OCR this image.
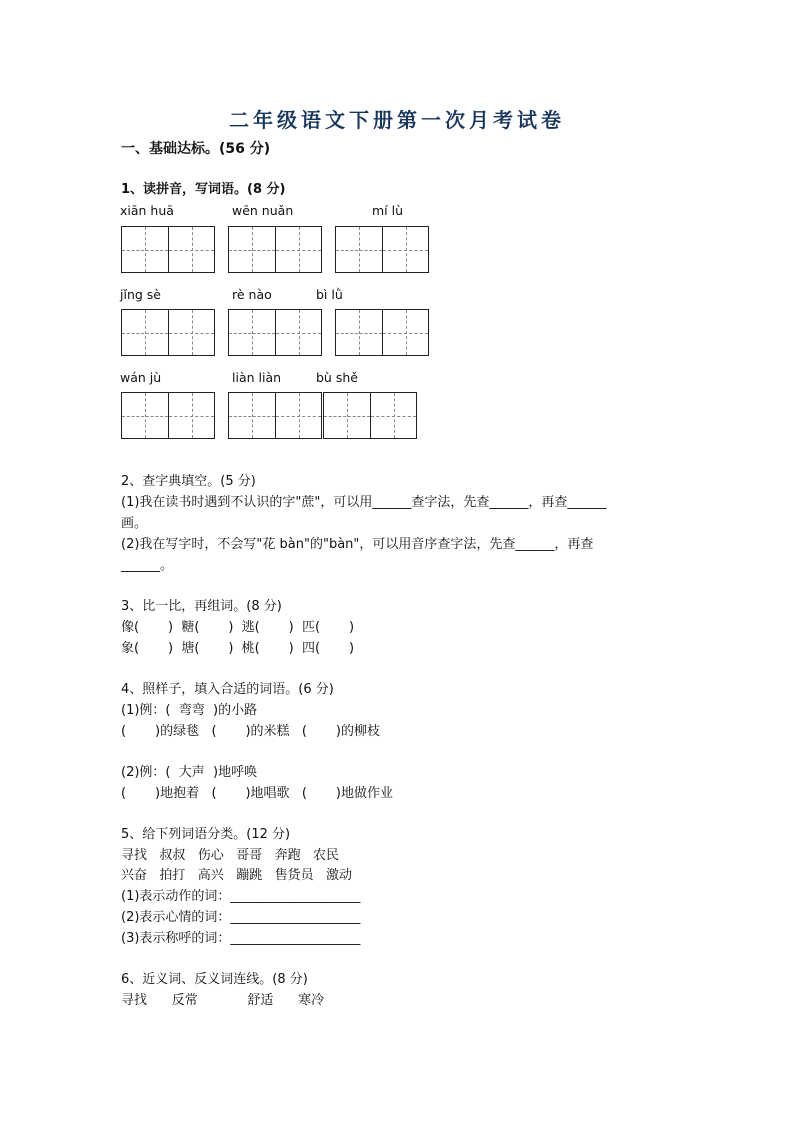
二年级语文下册第一次月考试卷
一、基础达标。(56 分)
1、读拼音，写词语。(8 分)
xiān huā	wēn nuǎn	mí lù
jǐng sè	rè nào	bì lǜ
wán jù	liàn liàn	bù shě
2、查字典填空。(5 分)
(1)我在读书时遇到不认识的字"蔗"，可以用______查字法，先查______，再查______
画。
(2)我在写字时，不会写"花 bàn"的"bàn"，可以用音序查字法，先查______，再查
______。
3、比一比，再组词。(8 分)
像(       )  糖(       )  逃(       )  匹(       )
象(       )  塘(       )  桃(       )  四(       )
4、照样子，填入合适的词语。(6 分)
(1)例：(  弯弯  )的小路
(       )的绿毯   (       )的米糕   (       )的柳枝
(2)例：(  大声  )地呼唤
(       )地抱着   (       )地唱歌   (       )地做作业
5、给下列词语分类。(12 分)
寻找   叔叔   伤心   哥哥   奔跑   农民
兴奋   拍打   高兴   蹦跳   售货员   激动
(1)表示动作的词：____________________
(2)表示心情的词：____________________
(3)表示称呼的词：____________________
6、近义词、反义词连线。(8 分)
寻找      反常            舒适      寒冷
